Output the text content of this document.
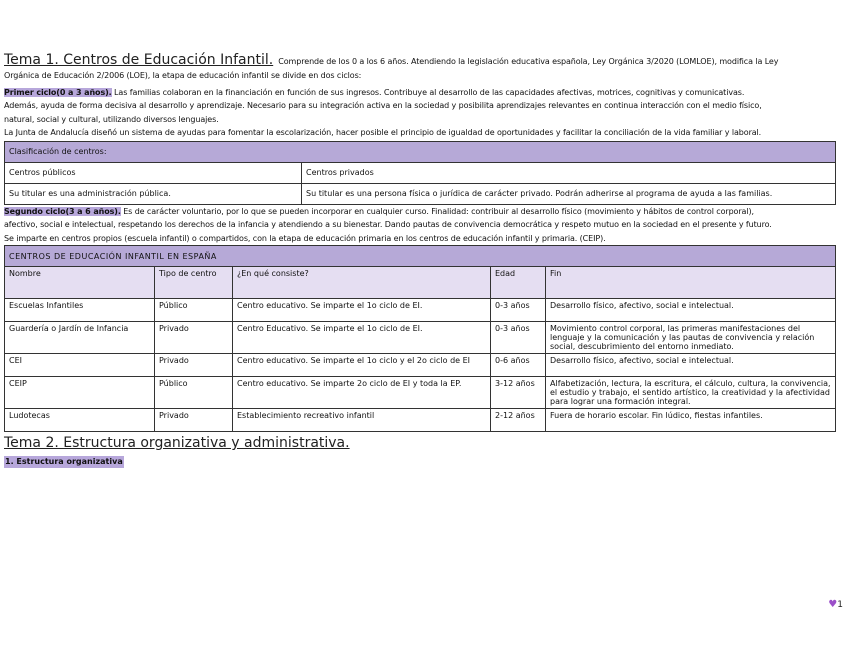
Tema 1. Centros de Educación Infantil. Comprende de los 0 a los 6 años. Atendiendo la legislación educativa española, Ley Orgánica 3/2020 (LOMLOE), modifica la Ley
Orgánica de Educación 2/2006 (LOE), la etapa de educación infantil se divide en dos ciclos:
Primer ciclo(0 a 3 años). Las familias colaboran en la financiación en función de sus ingresos. Contribuye al desarrollo de las capacidades afectivas, motrices, cognitivas y comunicativas.
Además, ayuda de forma decisiva al desarrollo y aprendizaje. Necesario para su integración activa en la sociedad y posibilita aprendizajes relevantes en continua interacción con el medio físico,
natural, social y cultural, utilizando diversos lenguajes.
La Junta de Andalucía diseñó un sistema de ayudas para fomentar la escolarización, hacer posible el principio de igualdad de oportunidades y facilitar la conciliación de la vida familiar y laboral.
Clasificación de centros:	
Centros públicos	Centros privados
Su titular es una administración pública.	Su titular es una persona física o jurídica de carácter privado. Podrán adherirse al programa de ayuda a las familias.
Segundo ciclo(3 a 6 años). Es de carácter voluntario, por lo que se pueden incorporar en cualquier curso. Finalidad: contribuir al desarrollo físico (movimiento y hábitos de control corporal),
afectivo, social e intelectual, respetando los derechos de la infancia y atendiendo a su bienestar. Dando pautas de convivencia democrática y respeto mutuo en la sociedad en el presente y futuro.
Se imparte en centros propios (escuela infantil) o compartidos, con la etapa de educación primaria en los centros de educación infantil y primaria. (CEIP).
CENTROS DE EDUCACIÓN INFANTIL EN ESPAÑA				
Nombre	Tipo de centro	¿En qué consiste?	Edad	Fin
Escuelas Infantiles	Público	Centro educativo. Se imparte el 1o ciclo de EI.	0-3 años	Desarrollo físico, afectivo, social e intelectual.
Guardería o Jardín de Infancia	Privado	Centro Educativo. Se imparte el 1o ciclo de EI.	0-3 años	Movimiento control corporal, las primeras manifestaciones del lenguaje y la comunicación y las pautas de convivencia y relación social, descubrimiento del entorno inmediato.
CEI	Privado	Centro educativo. Se imparte el 1o ciclo y el 2o ciclo de EI	0-6 años	Desarrollo físico, afectivo, social e intelectual.
CEIP	Público	Centro educativo. Se imparte 2o ciclo de EI y toda la EP.	3-12 años	Alfabetización, lectura, la escritura, el cálculo, cultura, la convivencia, el estudio y trabajo, el sentido artístico, la creatividad y la afectividad para lograr una formación integral.
Ludotecas	Privado	Establecimiento recreativo infantil	2-12 años	Fuera de horario escolar. Fin lúdico, fiestas infantiles.
Tema 2. Estructura organizativa y administrativa.
1. Estructura organizativa
♥1
